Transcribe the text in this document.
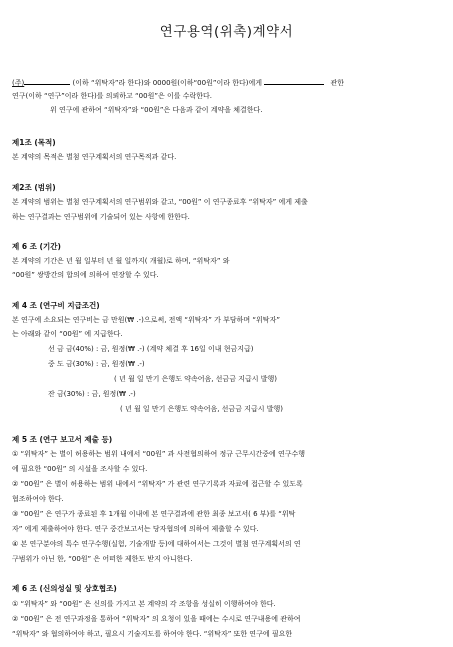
연구용역(위촉)계약서
(주)	(이하 “위탁자”라 한다)와 0000원(이하“00원”이라 한다)에게	관한
연구(이하 “연구”이라 한다)를 의뢰하고 “00원”은 이를 수락한다.
위 연구에 관하여 “위탁자”와 “00원”은 다음과 같이 계약을 체결한다.
제1조 (목적)
본 계약의 목적은 별첨 연구계획서의 연구목적과 같다.
제2조 (범위)
본 계약의 범위는 별첨 연구계획서의 연구범위와 같고, “00원” 이 연구종료후 “위탁자” 에게 제출
하는 연구결과는 연구범위에 기술되어 있는 사항에 한한다.
제 6 조 (기간)
본 계약의 기간은 년 월 일부터 년 월 일까지( 개월)로 하며, “위탁자” 와
“00원” 쌍방간의 합의에 의하여 연장할 수 있다.
제 4 조 (연구비 지급조건)
본 연구에 소요되는 연구비는 금 만원(₩ .-)으로써, 전액 “위탁자” 가 부담하며 “위탁자”
는 아래와 같이 “00원” 에 지급한다.
선 금 금(40%) : 금, 원정(₩ .-) (계약 체결 후 16일 이내 현금지급)
중 도 금(30%) : 금, 원정(₩ .-)
( 년 월 일 만기 은행도 약속어음, 선금금 지급시 발행)
잔 금(30%) : 금, 원정(₩ .-)
( 년 월 일 만기 은행도 약속어음, 선금금 지급시 발행)
제 5 조 (연구 보고서 제출 등)
① “위탁자” 는 별이 허용하는 범위 내에서 “00원” 과 사전협의하여 정규 근무시간중에 연구수행
에 필요한 “00원” 의 시설을 조사할 수 있다.
② “00원” 은 별이 허용하는 범위 내에서 “위탁자” 가 관련 연구기록과 자료에 접근할 수 있도록
협조하여야 한다.
③ “00원” 은 연구가 종료된 후 1개월 이내에 본 연구결과에 관한 최종 보고서( 6 부)를 “위탁
자” 에게 제출하여야 한다. 연구 중간보고서는 당자협의에 의하여 제출할 수 있다.
④ 본 연구분야의 특수 연구수행(실험, 기술개발 등)에 대하여서는 그것이 별첨 연구계획서의 연
구범위가 아닌 한, “00원” 은 어떠한 제한도 받지 아니한다.
제 6 조 (신의성실 및 상호협조)
① “위탁자” 와 “00원” 은 신의를 가지고 본 계약의 각 조항을 성실히 이행하여야 한다.
② “00원” 은 전 연구과정을 통하여 “위탁자” 의 요청이 있을 때에는 수시로 연구내용에 관하여
“위탁자” 와 협의하여야 하고, 필요시 기술지도를 하여야 한다. “위탁자” 또한 연구에 필요한
